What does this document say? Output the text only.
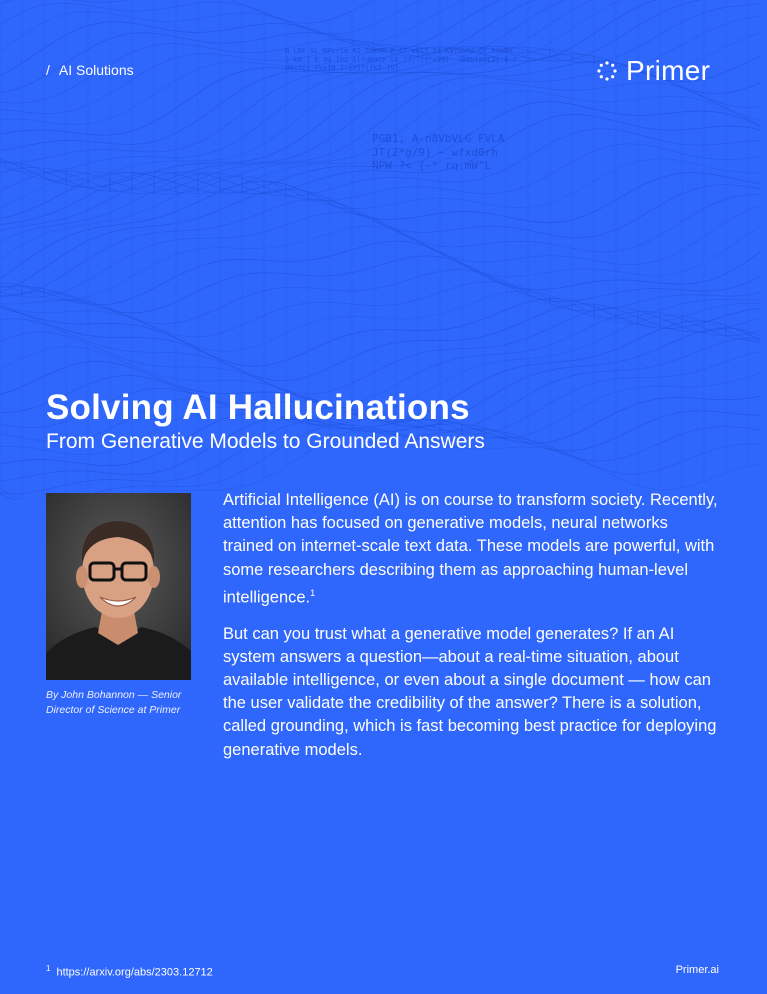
PGB1, A-n8VbVLG FVLA
JT(Z*g/9) ~_wfxd0rh
NPW ?< {~* rq.mW"L

B LDF SL RPcrim RI ComTR R FT wkS5 I1 KNYhSRA Of 5GeRH...
[ k8 ] E Xw [52_SlfdN9CF SK ??, (f^x2Q)  ~W8bt89L3t 4 7
@4<7{{ +VaIR I"[7]f(fkI ]V]
/ AI Solutions	Primer
Solving AI Hallucinations
From Generative Models to Grounded Answers
By John Bohannon — Senior Director of Science at Primer

Artificial Intelligence (AI) is on course to transform society. Recently, attention has focused on generative models, neural networks trained on internet-scale text data. These models are powerful, with some researchers describing them as approaching human-level intelligence.$^1$

But can you trust what a generative model generates? If an AI system answers a question—about a real-time situation, about available intelligence, or even about a single document — how can the user validate the credibility of the answer? There is a solution, called grounding, which is fast becoming best practice for deploying generative models.

$^1$ https://arxiv.org/abs/2303.12712	Primer.ai
